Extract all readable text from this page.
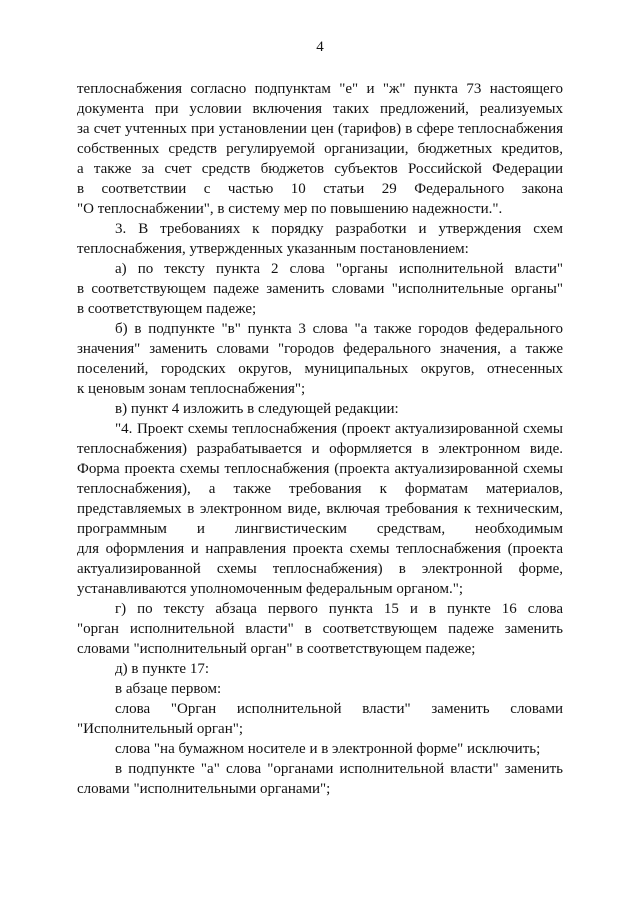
4
теплоснабжения согласно подпунктам "е" и "ж" пункта 73 настоящего
документа при условии включения таких предложений, реализуемых
за счет учтенных при установлении цен (тарифов) в сфере теплоснабжения
собственных средств регулируемой организации, бюджетных кредитов,
а также за счет средств бюджетов субъектов Российской Федерации
в соответствии с частью 10 статьи 29 Федерального закона
"О теплоснабжении", в систему мер по повышению надежности.".
3. В требованиях к порядку разработки и утверждения схем
теплоснабжения, утвержденных указанным постановлением:
а) по тексту пункта 2 слова "органы исполнительной власти"
в соответствующем падеже заменить словами "исполнительные органы"
в соответствующем падеже;
б) в подпункте "в" пункта 3 слова "а также городов федерального
значения" заменить словами "городов федерального значения, а также
поселений, городских округов, муниципальных округов, отнесенных
к ценовым зонам теплоснабжения";
в) пункт 4 изложить в следующей редакции:
"4. Проект схемы теплоснабжения (проект актуализированной схемы
теплоснабжения) разрабатывается и оформляется в электронном виде.
Форма проекта схемы теплоснабжения (проекта актуализированной схемы
теплоснабжения), а также требования к форматам материалов,
представляемых в электронном виде, включая требования к техническим,
программным и лингвистическим средствам, необходимым
для оформления и направления проекта схемы теплоснабжения (проекта
актуализированной схемы теплоснабжения) в электронной форме,
устанавливаются уполномоченным федеральным органом.";
г) по тексту абзаца первого пункта 15 и в пункте 16 слова
"орган исполнительной власти" в соответствующем падеже заменить
словами "исполнительный орган" в соответствующем падеже;
д) в пункте 17:
в абзаце первом:
слова "Орган исполнительной власти" заменить словами
"Исполнительный орган";
слова "на бумажном носителе и в электронной форме" исключить;
в подпункте "а" слова "органами исполнительной власти" заменить
словами "исполнительными органами";
